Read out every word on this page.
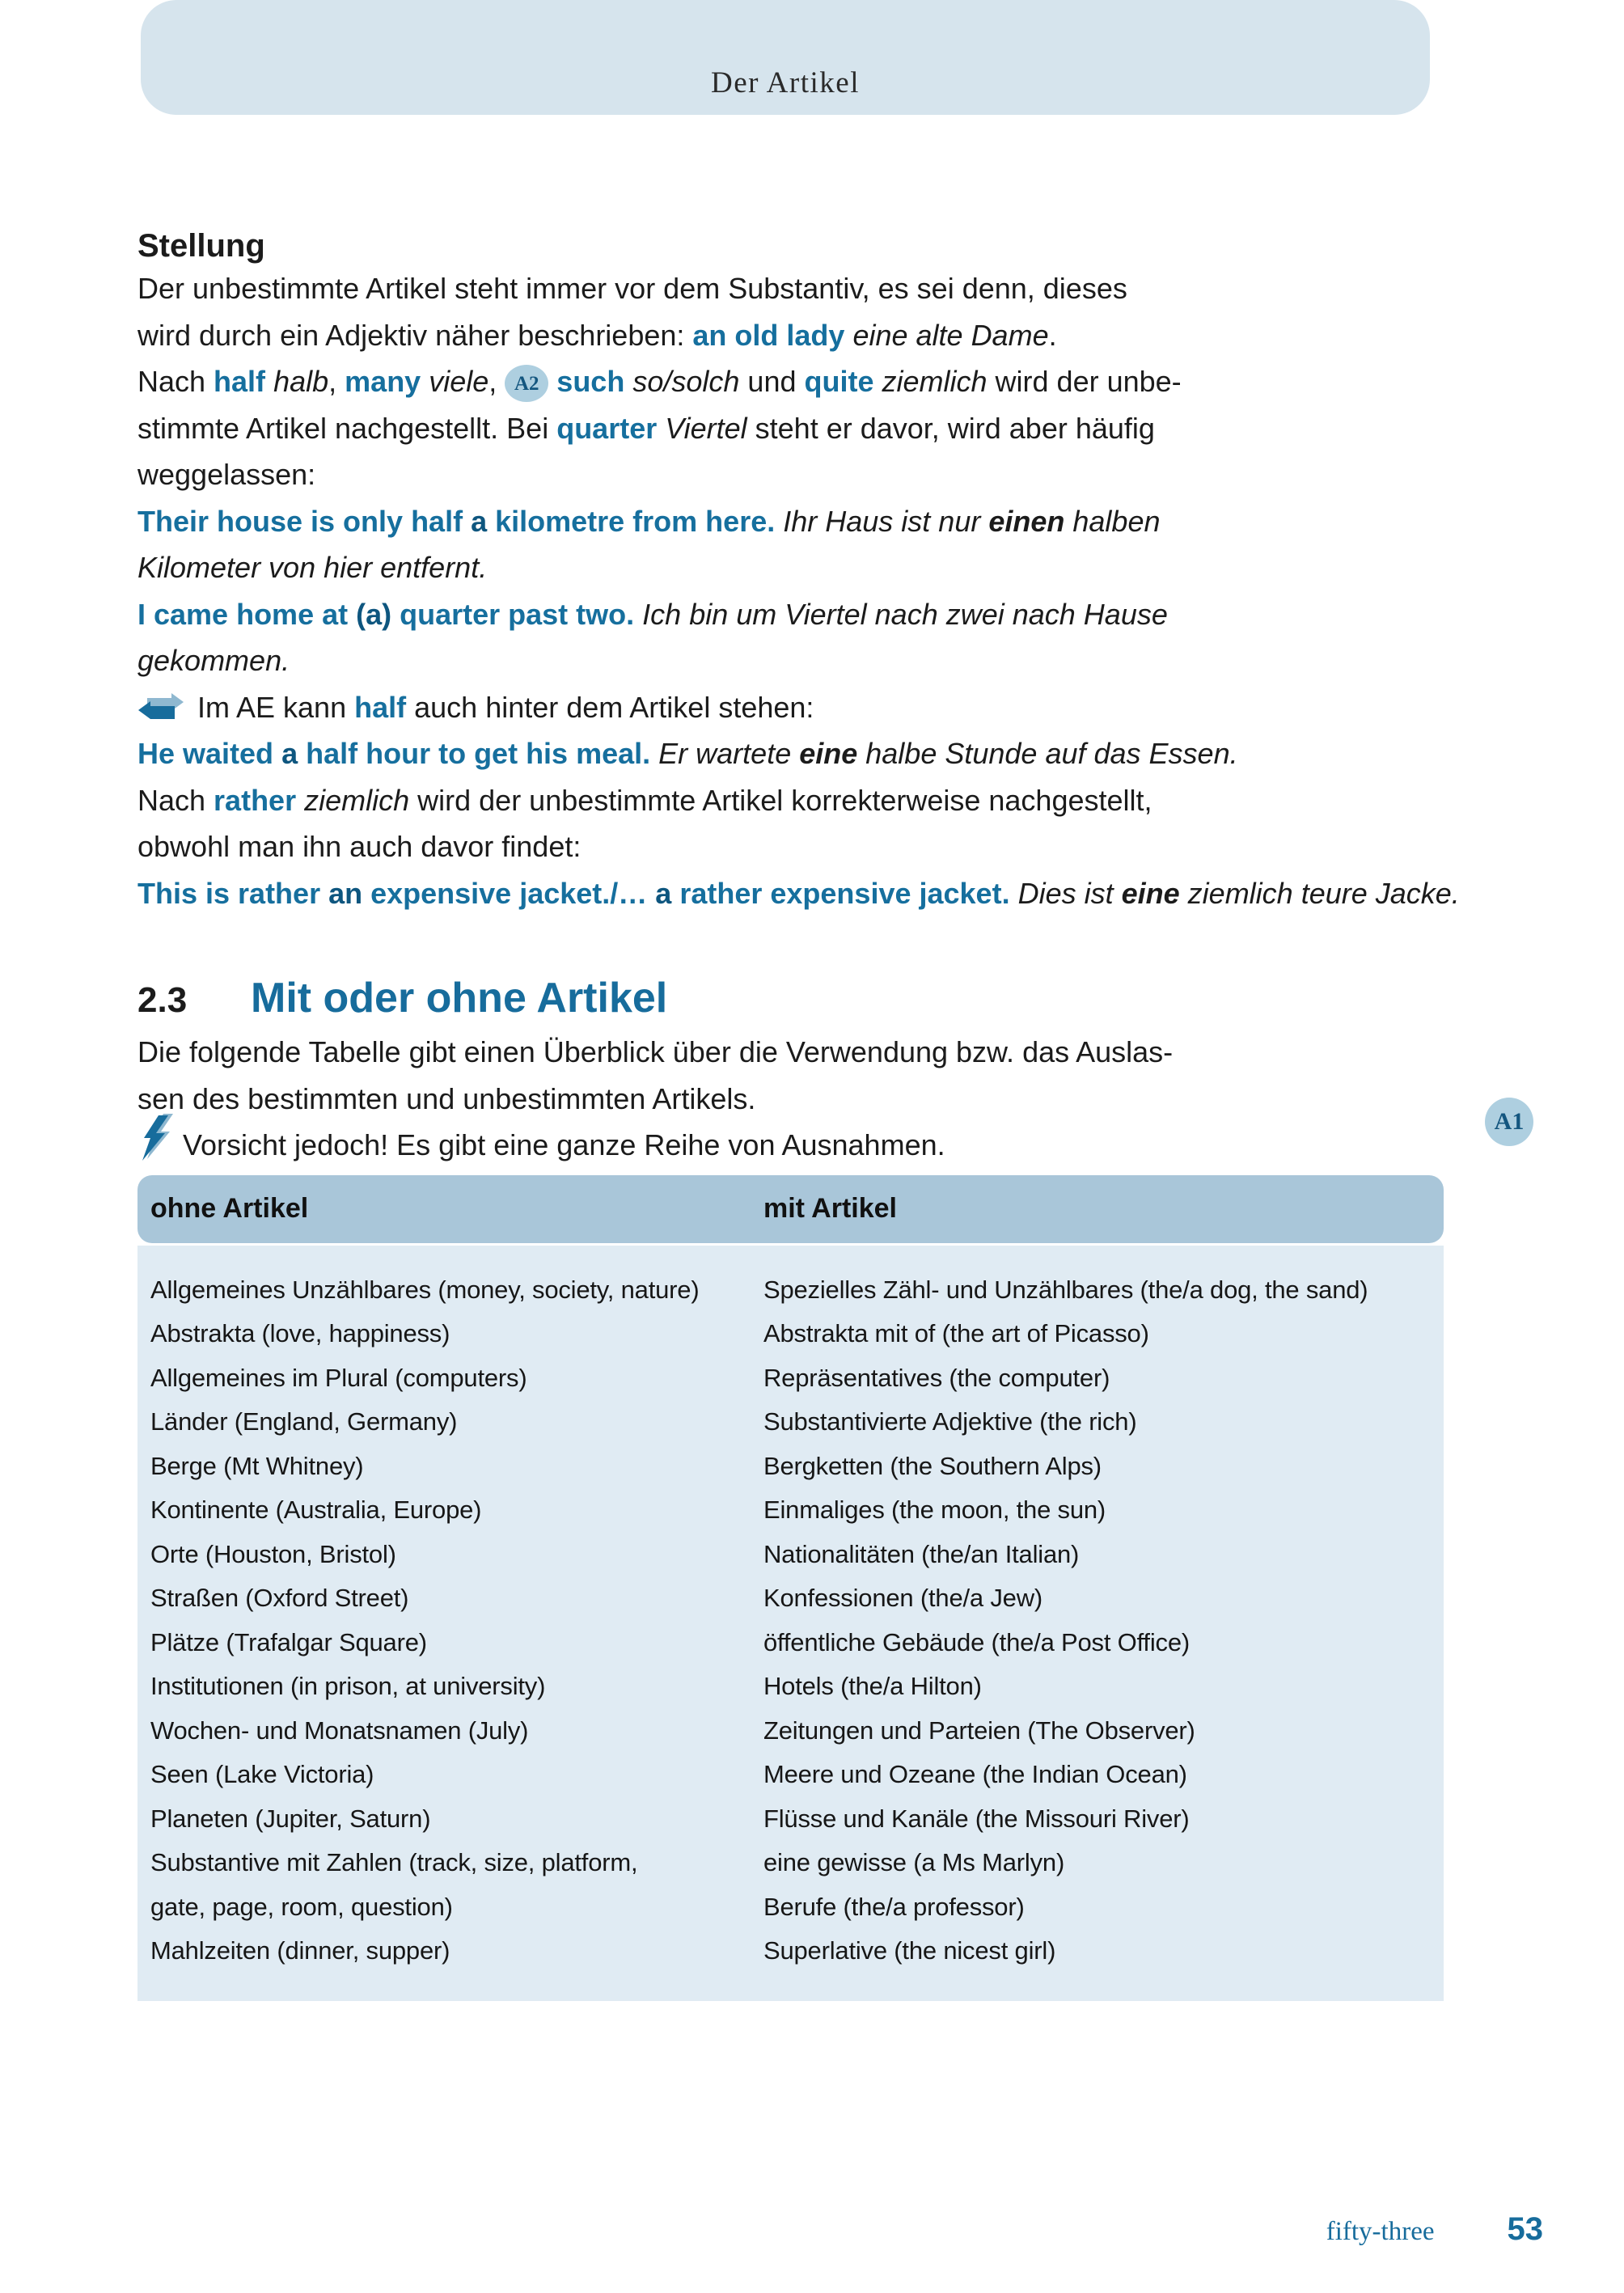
Der Artikel
Stellung

Der unbestimmte Artikel steht immer vor dem Substantiv, es sei denn, dieses
wird durch ein Adjektiv näher beschrieben: an old lady eine alte Dame.

Nach half halb, many viele, A2 such so/solch und quite ziemlich wird der unbe-
stimmte Artikel nachgestellt. Bei quarter Viertel steht er davor, wird aber häufig
weggelassen:

Their house is only half a kilometre from here. Ihr Haus ist nur einen halben
Kilometer von hier entfernt.

I came home at (a) quarter past two. Ich bin um Viertel nach zwei nach Hause
gekommen.

Im AE kann half auch hinter dem Artikel stehen:

He waited a half hour to get his meal. Er wartete eine halbe Stunde auf das Essen.

Nach rather ziemlich wird der unbestimmte Artikel korrekterweise nachgestellt,
obwohl man ihn auch davor findet:

This is rather an expensive jacket./… a rather expensive jacket. Dies ist eine ziemlich teure Jacke.

2.3	Mit oder ohne Artikel

Die folgende Tabelle gibt einen Überblick über die Verwendung bzw. das Auslas-
sen des bestimmten und unbestimmten Artikels.

Vorsicht jedoch! Es gibt eine ganze Reihe von Ausnahmen.

ohne Artikel	mit Artikel
Allgemeines Unzählbares (money, society, nature)
Abstrakta (love, happiness)
Allgemeines im Plural (computers)
Länder (England, Germany)
Berge (Mt Whitney)
Kontinente (Australia, Europe)
Orte (Houston, Bristol)
Straßen (Oxford Street)
Plätze (Trafalgar Square)
Institutionen (in prison, at university)
Wochen- und Monatsnamen (July)
Seen (Lake Victoria)
Planeten (Jupiter, Saturn)
Substantive mit Zahlen (track, size, platform,
gate, page, room, question)
Mahlzeiten (dinner, supper)
Spezielles Zähl- und Unzählbares (the/a dog, the sand)
Abstrakta mit of (the art of Picasso)
Repräsentatives (the computer)
Substantivierte Adjektive (the rich)
Bergketten (the Southern Alps)
Einmaliges (the moon, the sun)
Nationalitäten (the/an Italian)
Konfessionen (the/a Jew)
öffentliche Gebäude (the/a Post Office)
Hotels (the/a Hilton)
Zeitungen und Parteien (The Observer)
Meere und Ozeane (the Indian Ocean)
Flüsse und Kanäle (the Missouri River)
eine gewisse (a Ms Marlyn)
Berufe (the/a professor)
Superlative (the nicest girl)
A1
fifty-three 53
